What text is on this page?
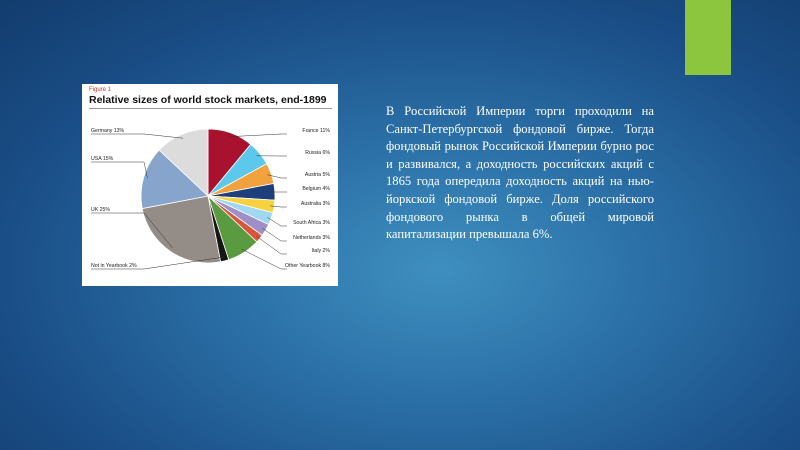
Figure 1
Relative sizes of world stock markets, end-1899
France 11%
Russia 6%
Austria 5%
Belgium 4%
Australia 3%
South Africa 3%
Netherlands 3%
Italy 2%
Other Yearbook 8%
Not in Yearbook 2%
UK 25%
USA 15%
Germany 13%
В Российской Империи торги проходили на Санкт-Петербургской фондовой бирже. Тогда фондовый рынок Российской Империи бурно рос и развивался, а доходность российских акций с 1865 года опередила доходность акций на нью-йоркской фондовой бирже. Доля российского фондового рынка в общей мировой капитализации превышала 6%.
